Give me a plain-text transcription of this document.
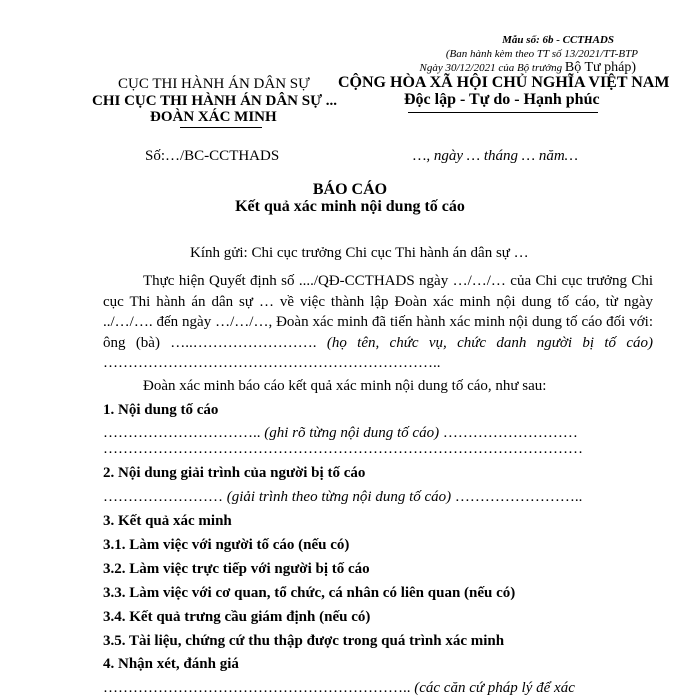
Mẫu số: 6b - CCTHADS
(Ban hành kèm theo TT số 13/2021/TT-BTP
Ngày 30/12/2021 của Bộ trưởng Bộ Tư pháp)
CỤC THI HÀNH ÁN DÂN SỰ
CHI CỤC THI HÀNH ÁN DÂN SỰ ...
ĐOÀN XÁC MINH
CỘNG HÒA XÃ HỘI CHỦ NGHĨA VIỆT NAM
Độc lập - Tự do - Hạnh phúc
Số:…/BC-CCTHADS	…, ngày … tháng … năm…
BÁO CÁO
Kết quả xác minh nội dung tố cáo
Kính gửi: Chi cục trưởng Chi cục Thi hành án dân sự …

Thực hiện Quyết định số ..../QĐ-CCTHADS ngày …/…/… của Chi cục trưởng Chi cục Thi hành án dân sự … về việc thành lập Đoàn xác minh nội dung tố cáo, từ ngày ../…/…. đến ngày …/…/…, Đoàn xác minh đã tiến hành xác minh nội dung tố cáo đối với: ông (bà) …..……………………. (họ tên, chức vụ, chức danh người bị tố cáo) …………………………………………………………..

Đoàn xác minh báo cáo kết quả xác minh nội dung tố cáo, như sau:
1. Nội dung tố cáo
………………………….. (ghi rõ từng nội dung tố cáo) ………………………
……………………………………………………………………………………
2. Nội dung giải trình của người bị tố cáo
…………………… (giải trình theo từng nội dung tố cáo) ……………………..
3. Kết quả xác minh
3.1. Làm việc với người tố cáo (nếu có)
3.2. Làm việc trực tiếp với người bị tố cáo
3.3. Làm việc với cơ quan, tổ chức, cá nhân có liên quan (nếu có)
3.4. Kết quả trưng cầu giám định (nếu có)
3.5. Tài liệu, chứng cứ thu thập được trong quá trình xác minh
4. Nhận xét, đánh giá
…………………………………………………….. (các căn cứ pháp lý để xác
